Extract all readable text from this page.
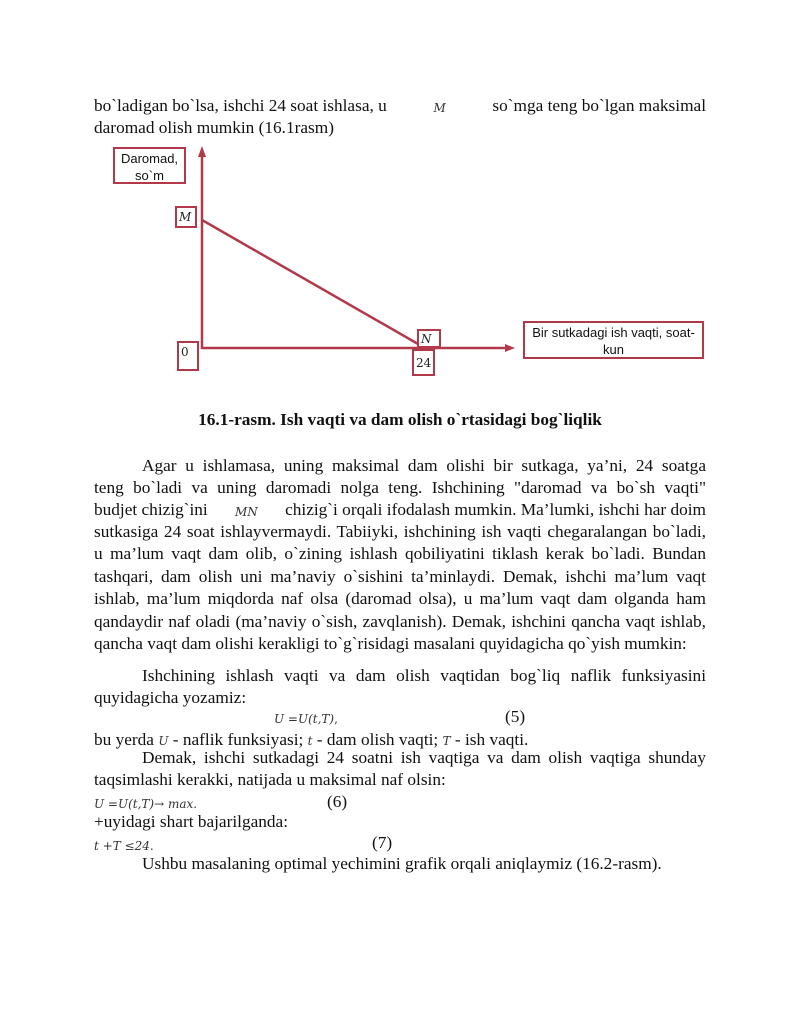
bo`ladigan bo`lsa, ishchi 24 soat ishlasa, u	M	so`mga teng bo`lgan maksimal
daromad olish mumkin (16.1rasm)
Daromad, so`m
M
0
N
24
Bir sutkadagi ish vaqti, soat-kun
16.1-rasm. Ish vaqti va dam olish o`rtasidagi bog`liqlik
Agar u ishlamasa, uning maksimal dam olishi bir sutkaga, ya’ni, 24 soatga
teng bo`ladi va uning daromadi nolga teng. Ishchining "daromad va bo`sh vaqti"
budjet chizig`ini MN chizig`i orqali ifodalash mumkin. Ma’lumki, ishchi har doim
sutkasiga 24 soat ishlayvermaydi. Tabiiyki, ishchining ish vaqti chegaralangan bo`ladi, u ma’lum vaqt dam olib, o`zining ishlash qobiliyatini tiklash kerak bo`ladi. Bundan tashqari, dam olish uni ma’naviy o`sishini ta’minlaydi. Demak, ishchi ma’lum vaqt ishlab, ma’lum miqdorda naf olsa (daromad olsa), u ma’lum vaqt dam olganda ham qandaydir naf oladi (ma’naviy o`sish, zavqlanish). Demak, ishchini qancha vaqt ishlab, qancha vaqt dam olishi kerakligi to`g`risidagi masalani quyidagicha qo`yish mumkin:
Ishchining ishlash vaqti va dam olish vaqtidan bog`liq naflik funksiyasini quyidagicha yozamiz:
U =U(t,T),	(5)
bu yerda U - naflik funksiyasi; t - dam olish vaqti; T - ish vaqti.
Demak, ishchi sutkadagi 24 soatni ish vaqtiga va dam olish vaqtiga shunday taqsimlashi kerakki, natijada u maksimal naf olsin:
U =U(t,T)→ max.	(6)
+uyidagi shart bajarilganda:
t +T ≤24.	(7)
Ushbu masalaning optimal yechimini grafik orqali aniqlaymiz (16.2-rasm).
